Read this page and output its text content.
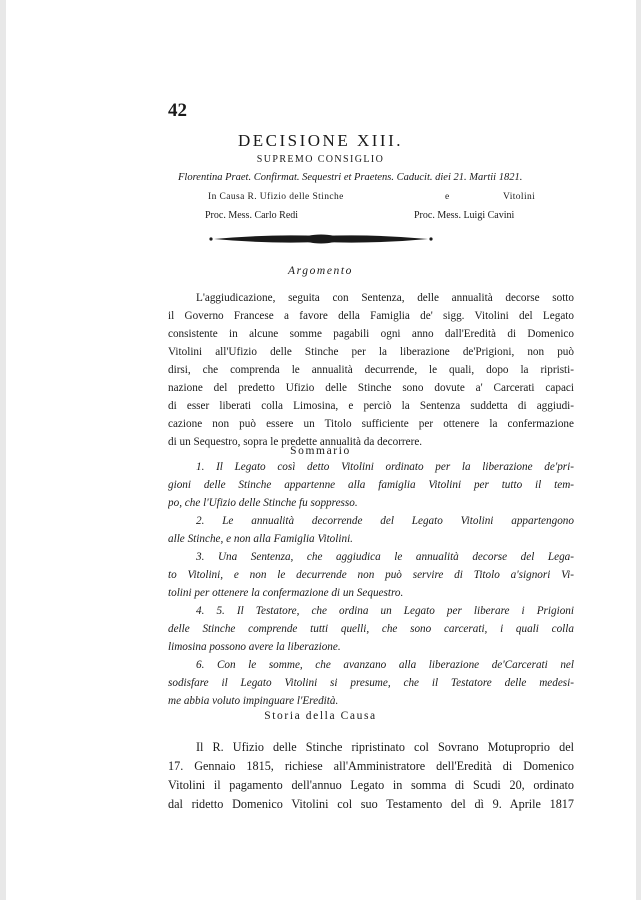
42
DECISIONE XIII.
SUPREMO CONSIGLIO
Florentina Praet. Confirmat. Sequestri et Praetens. Caducit. diei 21. Martii 1821.
In Causa R. Ufizio delle Stinche	e	Vitolini
Proc. Mess. Carlo Redi	Proc. Mess. Luigi Cavini
Argomento
L'aggiudicazione, seguita con Sentenza, delle annualità decorse sotto
il Governo Francese a favore della Famiglia de' sigg. Vitolini del Legato
consistente in alcune somme pagabili ogni anno dall'Eredità di Domenico
Vitolini all'Ufizio delle Stinche per la liberazione de'Prigioni, non può
dirsi, che comprenda le annualità decurrende, le quali, dopo la ripristi-
nazione del predetto Ufizio delle Stinche sono dovute a' Carcerati capaci
di esser liberati colla Limosina, e perciò la Sentenza suddetta di aggiudi-
cazione non può essere un Titolo sufficiente per ottenere la confermazione
di un Sequestro, sopra le predette annualità da decorrere.
Sommario
1. Il Legato così detto Vitolini ordinato per la liberazione de'pri-
gioni delle Stinche appartenne alla famiglia Vitolini per tutto il tem-
po, che l'Ufizio delle Stinche fu soppresso.
2. Le annualità decorrende del Legato Vitolini appartengono
alle Stinche, e non alla Famiglia Vitolini.
3. Una Sentenza, che aggiudica le annualità decorse del Lega-
to Vitolini, e non le decurrende non può servire di Titolo a'signori Vi-
tolini per ottenere la confermazione di un Sequestro.
4. 5. Il Testatore, che ordina un Legato per liberare i Prigioni
delle Stinche comprende tutti quelli, che sono carcerati, i quali colla
limosina possono avere la liberazione.
6. Con le somme, che avanzano alla liberazione de'Carcerati nel
sodisfare il Legato Vitolini si presume, che il Testatore delle medesi-
me abbia voluto impinguare l'Eredità.
Storia della Causa
Il R. Ufizio delle Stinche ripristinato col Sovrano Motuproprio del
17. Gennaio 1815, richiese all'Amministratore dell'Eredità di Domenico
Vitolini il pagamento dell'annuo Legato in somma di Scudi 20, ordinato
dal ridetto Domenico Vitolini col suo Testamento del dì 9. Aprile 1817
